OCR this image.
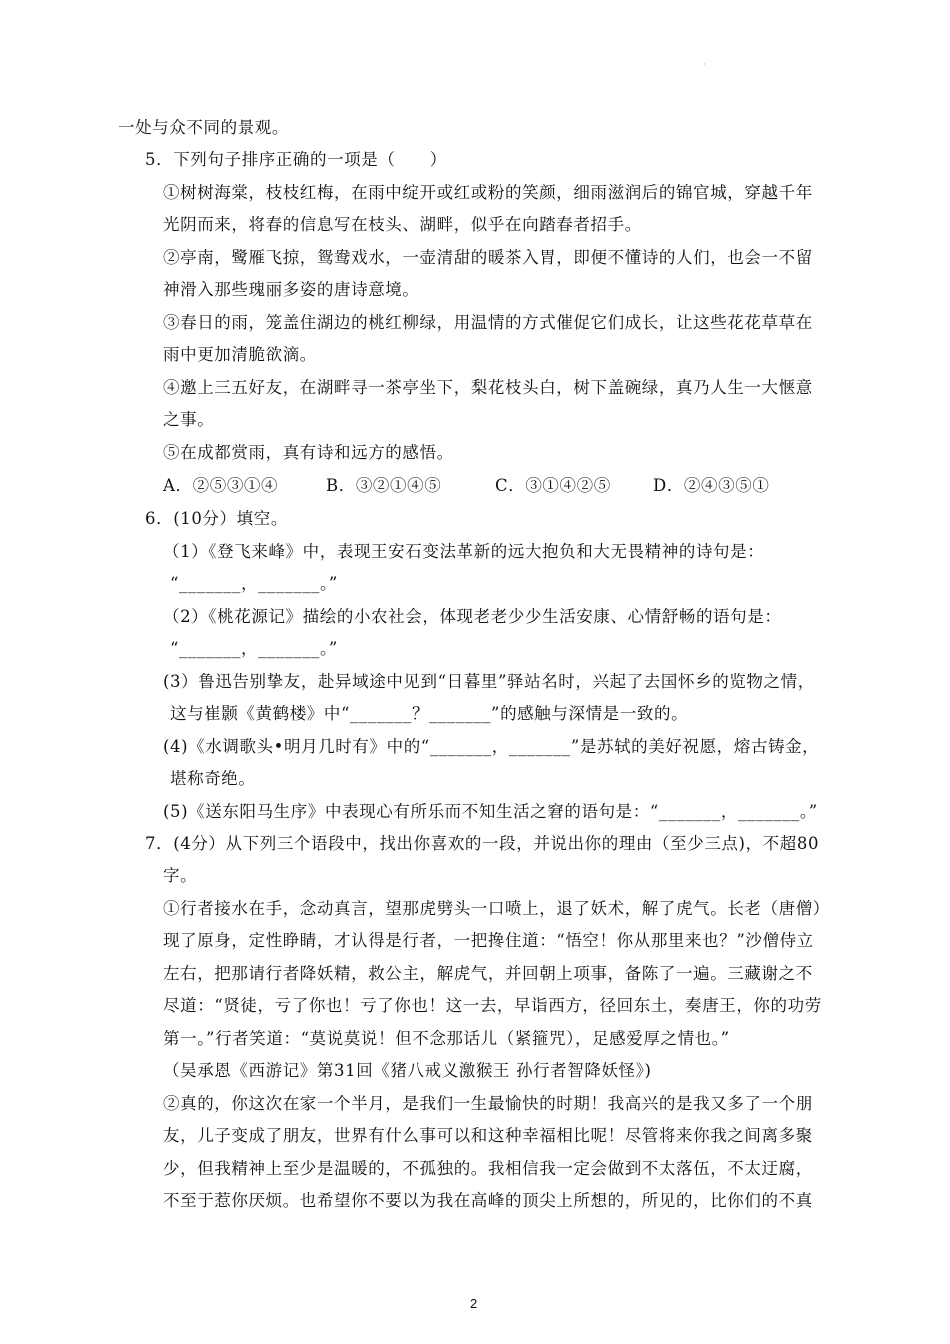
·
一处与众不同的景观。
5．下列句子排序正确的一项是（　　）
①树树海棠，枝枝红梅，在雨中绽开或红或粉的笑颜，细雨滋润后的锦官城，穿越千年
光阴而来，将春的信息写在枝头、湖畔，似乎在向踏春者招手。
②亭南，鹭雁飞掠，鸳鸯戏水，一壶清甜的暖茶入胃，即便不懂诗的人们，也会一不留
神滑入那些瑰丽多姿的唐诗意境。
③春日的雨，笼盖住湖边的桃红柳绿，用温情的方式催促它们成长，让这些花花草草在
雨中更加清脆欲滴。
④邀上三五好友，在湖畔寻一茶亭坐下，梨花枝头白，树下盖碗绿，真乃人生一大惬意
之事。
⑤在成都赏雨，真有诗和远方的感悟。
A．②⑤③①④	B．③②①④⑤	C．③①④②⑤	D．②④③⑤①
6．(10分）填空。
（1）《登飞来峰》中，表现王安石变法革新的远大抱负和大无畏精神的诗句是：
“_______，_______。”
（2）《桃花源记》描绘的小农社会，体现老老少少生活安康、心情舒畅的语句是：
“_______，_______。”
(3）鲁迅告别挚友，赴异域途中见到“日暮里”驿站名时，兴起了去国怀乡的览物之情，
这与崔颢《黄鹤楼》中“_______？_______”的感触与深情是一致的。
(4)《水调歌头•明月几时有》中的“_______，_______”是苏轼的美好祝愿，熔古铸金，
堪称奇绝。
(5)《送东阳马生序》中表现心有所乐而不知生活之窘的语句是：“_______，_______。”
7．(4分）从下列三个语段中，找出你喜欢的一段，并说出你的理由（至少三点)，不超80
字。
①行者接水在手，念动真言，望那虎劈头一口喷上，退了妖术，解了虎气。长老（唐僧）
现了原身，定性睁睛，才认得是行者，一把搀住道：“悟空！你从那里来也？”沙僧侍立
左右，把那请行者降妖精，救公主，解虎气，并回朝上项事，备陈了一遍。三藏谢之不
尽道：“贤徒，亏了你也！亏了你也！这一去，早诣西方，径回东土，奏唐王，你的功劳
第一。”行者笑道：“莫说莫说！但不念那话儿（紧箍咒），足感爱厚之情也。”
（吴承恩《西游记》第31回《猪八戒义激猴王 孙行者智降妖怪》)
②真的，你这次在家一个半月，是我们一生最愉快的时期！我高兴的是我又多了一个朋
友，儿子变成了朋友，世界有什么事可以和这种幸福相比呢！尽管将来你我之间离多聚
少，但我精神上至少是温暖的，不孤独的。我相信我一定会做到不太落伍，不太迂腐，
不至于惹你厌烦。也希望你不要以为我在高峰的顶尖上所想的，所见的，比你们的不真
2
